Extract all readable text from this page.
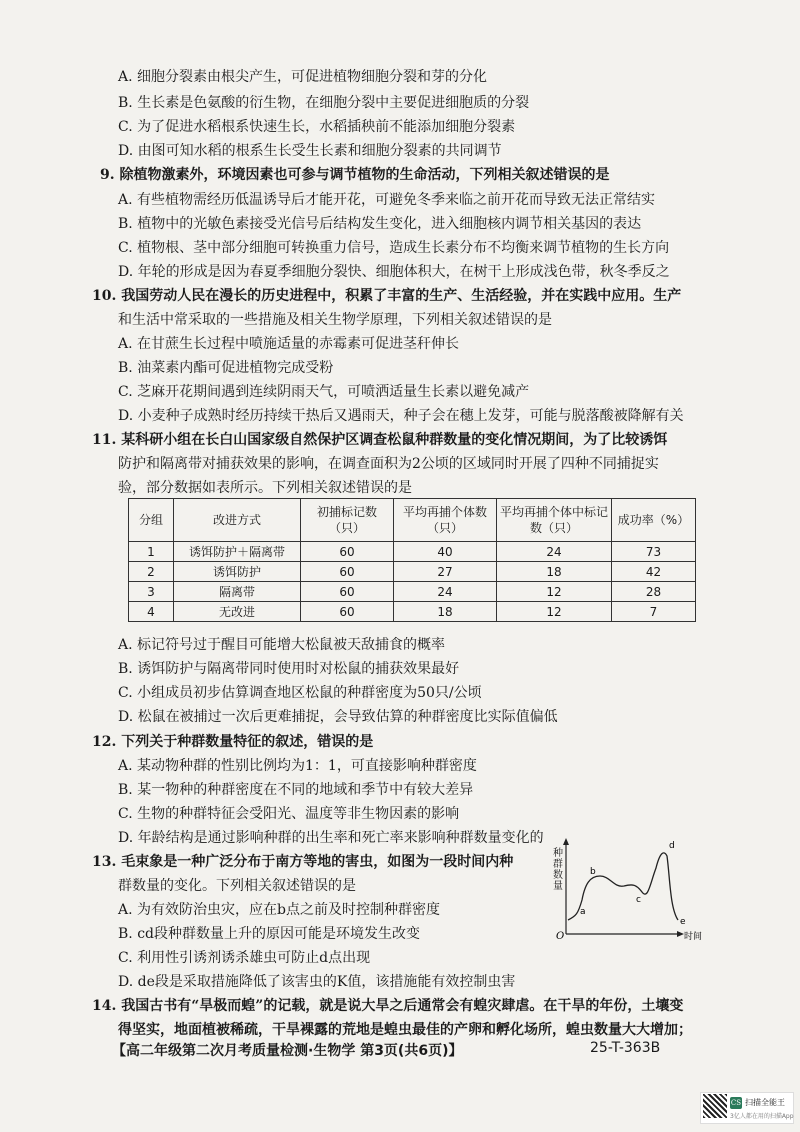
A. 细胞分裂素由根尖产生，可促进植物细胞分裂和芽的分化
B. 生长素是色氨酸的衍生物，在细胞分裂中主要促进细胞质的分裂
C. 为了促进水稻根系快速生长，水稻插秧前不能添加细胞分裂素
D. 由图可知水稻的根系生长受生长素和细胞分裂素的共同调节
9. 除植物激素外，环境因素也可参与调节植物的生命活动，下列相关叙述错误的是
A. 有些植物需经历低温诱导后才能开花，可避免冬季来临之前开花而导致无法正常结实
B. 植物中的光敏色素接受光信号后结构发生变化，进入细胞核内调节相关基因的表达
C. 植物根、茎中部分细胞可转换重力信号，造成生长素分布不均衡来调节植物的生长方向
D. 年轮的形成是因为春夏季细胞分裂快、细胞体积大，在树干上形成浅色带，秋冬季反之
10. 我国劳动人民在漫长的历史进程中，积累了丰富的生产、生活经验，并在实践中应用。生产
和生活中常采取的一些措施及相关生物学原理，下列相关叙述错误的是
A. 在甘蔗生长过程中喷施适量的赤霉素可促进茎秆伸长
B. 油菜素内酯可促进植物完成受粉
C. 芝麻开花期间遇到连续阴雨天气，可喷洒适量生长素以避免减产
D. 小麦种子成熟时经历持续干热后又遇雨天，种子会在穗上发芽，可能与脱落酸被降解有关
11. 某科研小组在长白山国家级自然保护区调查松鼠种群数量的变化情况期间，为了比较诱饵
防护和隔离带对捕获效果的影响，在调查面积为2公顷的区域同时开展了四种不同捕捉实
验，部分数据如表所示。下列相关叙述错误的是
A. 标记符号过于醒目可能增大松鼠被天敌捕食的概率
B. 诱饵防护与隔离带同时使用时对松鼠的捕获效果最好
C. 小组成员初步估算调查地区松鼠的种群密度为50只/公顷
D. 松鼠在被捕过一次后更难捕捉，会导致估算的种群密度比实际值偏低
12. 下列关于种群数量特征的叙述，错误的是
A. 某动物种群的性别比例均为1：1，可直接影响种群密度
B. 某一物种的种群密度在不同的地域和季节中有较大差异
C. 生物的种群特征会受阳光、温度等非生物因素的影响
D. 年龄结构是通过影响种群的出生率和死亡率来影响种群数量变化的
13. 毛束象是一种广泛分布于南方等地的害虫，如图为一段时间内种
群数量的变化。下列相关叙述错误的是
A. 为有效防治虫灾，应在b点之前及时控制种群密度
B. cd段种群数量上升的原因可能是环境发生改变
C. 利用性引诱剂诱杀雄虫可防止d点出现
D. de段是采取措施降低了该害虫的K值，该措施能有效控制虫害
14. 我国古书有“旱极而蝗”的记载，就是说大旱之后通常会有蝗灾肆虐。在干旱的年份，土壤变
得坚实，地面植被稀疏，干旱裸露的荒地是蝗虫最佳的产卵和孵化场所，蝗虫数量大大增加；
分组	改进方式	初捕标记数（只）	平均再捕个体数（只）	平均再捕个体中标记数（只）	成功率（%）
1	诱饵防护＋隔离带	60	40	24	73
2	诱饵防护	60	27	18	42
3	隔离带	60	24	12	28
4	无改进	60	18	12	7
种群数量
O	时间
a
b
c
d
e
【高二年级第二次月考质量检测·生物学 第3页(共6页)】	25-T-363B
CS 扫描全能王
3亿人都在用的扫描App
